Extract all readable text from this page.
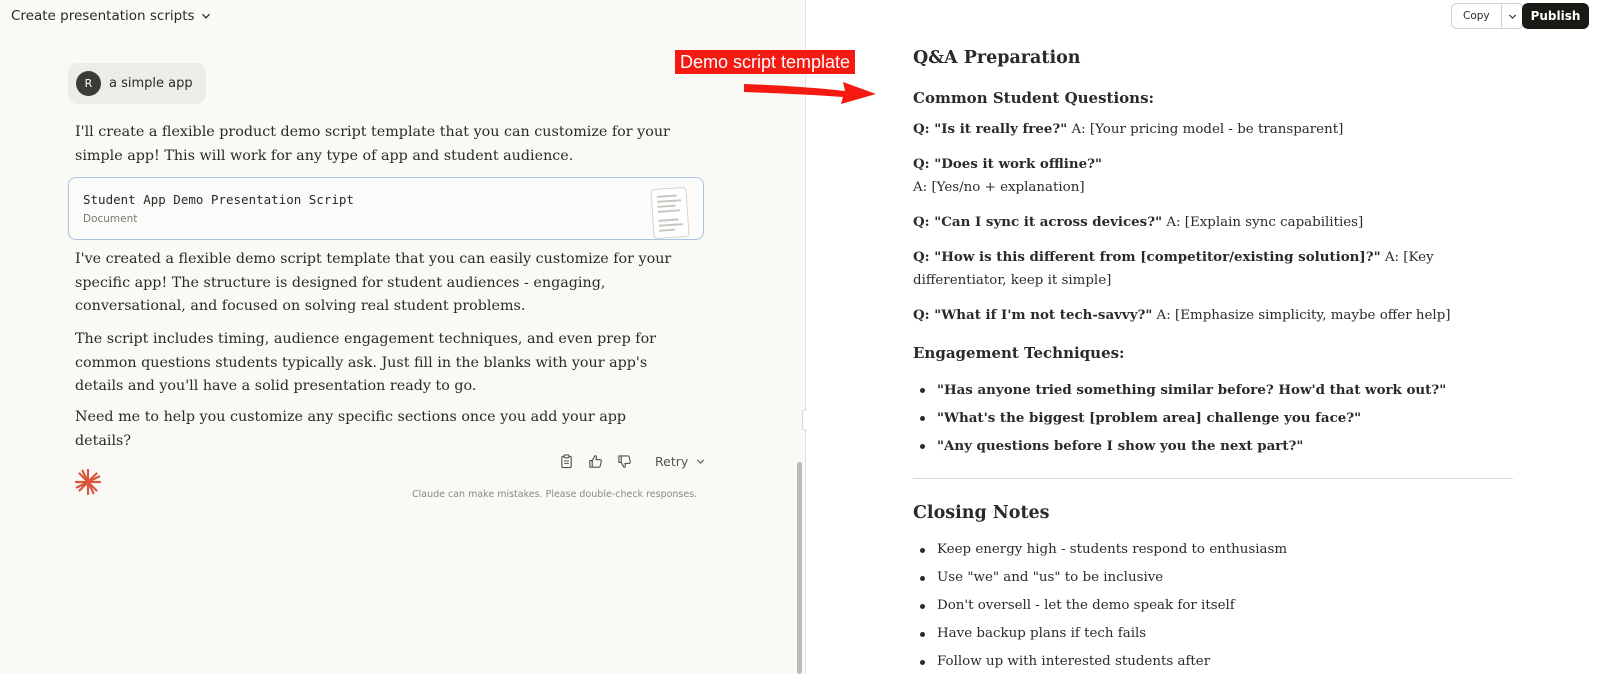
Create presentation scripts
R	a simple app

I'll create a flexible product demo script template that you can customize for your simple app! This will work for any type of app and student audience.

Student App Demo Presentation Script
Document

I've created a flexible demo script template that you can easily customize for your specific app! The structure is designed for student audiences - engaging, conversational, and focused on solving real student problems.

The script includes timing, audience engagement techniques, and even prep for common questions students typically ask. Just fill in the blanks with your app's details and you'll have a solid presentation ready to go.

Need me to help you customize any specific sections once you add your app details?

Retry
Claude can make mistakes. Please double-check responses.
Copy	Publish
Q&A Preparation
Common Student Questions:

Q: "Is it really free?" A: [Your pricing model - be transparent]

Q: "Does it work offline?"
A: [Yes/no + explanation]

Q: "Can I sync it across devices?" A: [Explain sync capabilities]

Q: "How is this different from [competitor/existing solution]?" A: [Key differentiator, keep it simple]

Q: "What if I'm not tech-savvy?" A: [Emphasize simplicity, maybe offer help]

Engagement Techniques:
"Has anyone tried something similar before? How'd that work out?"
"What's the biggest [problem area] challenge you face?"
"Any questions before I show you the next part?"
Closing Notes
Keep energy high - students respond to enthusiasm
Use "we" and "us" to be inclusive
Don't oversell - let the demo speak for itself
Have backup plans if tech fails
Follow up with interested students after
Demo script template
